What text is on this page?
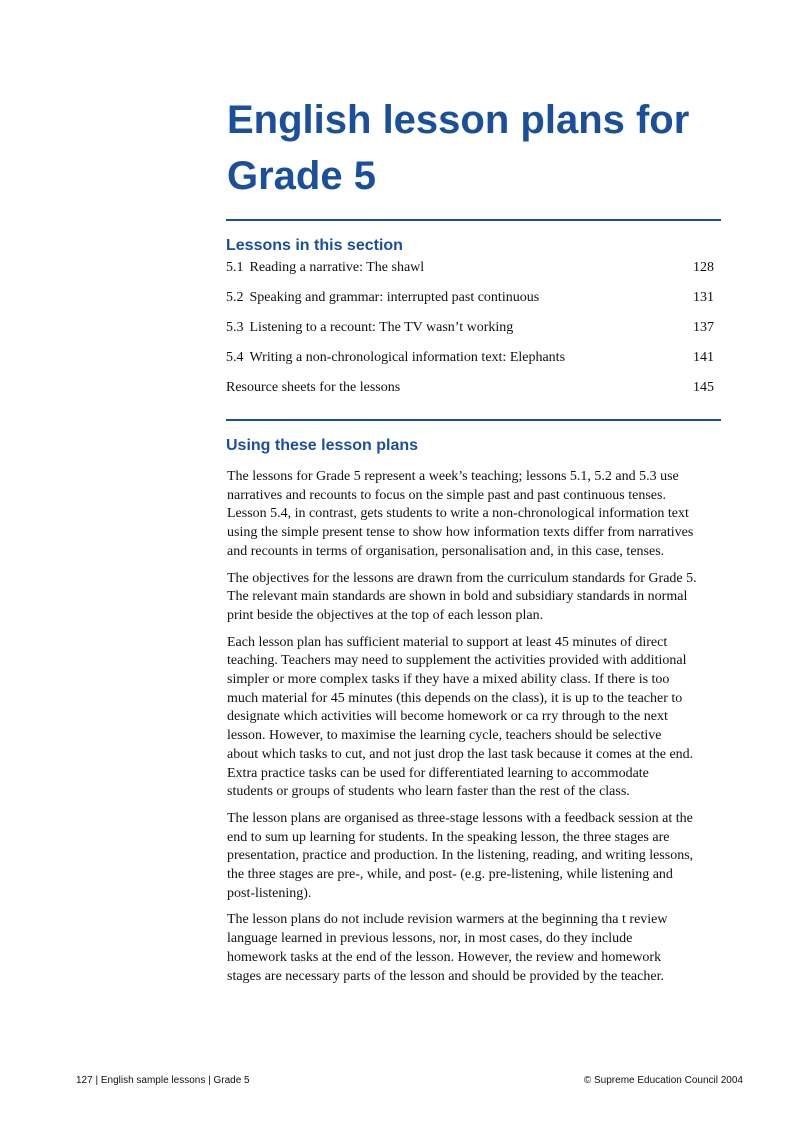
English lesson plans for
Grade 5
Lessons in this section
5.1 Reading a narrative: The shawl	128
5.2 Speaking and grammar: interrupted past continuous	131
5.3 Listening to a recount: The TV wasn’t working	137
5.4 Writing a non-chronological information text: Elephants	141
Resource sheets for the lessons	145
Using these lesson plans

The lessons for Grade 5 represent a week’s teaching; lessons 5.1, 5.2 and 5.3 use
narratives and recounts to focus on the simple past and past continuous tenses.
Lesson 5.4, in contrast, gets students to write a non-chronological information text
using the simple present tense to show how information texts differ from narratives
and recounts in terms of organisation, personalisation and, in this case, tenses.

The objectives for the lessons are drawn from the curriculum standards for Grade 5.
The relevant main standards are shown in bold and subsidiary standards in normal
print beside the objectives at the top of each lesson plan.

Each lesson plan has sufficient material to support at least 45 minutes of direct
teaching. Teachers may need to supplement the activities provided with additional
simpler or more complex tasks if they have a mixed ability class. If there is too
much material for 45 minutes (this depends on the class), it is up to the teacher to
designate which activities will become homework or ca rry through to the next
lesson. However, to maximise the learning cycle, teachers should be selective
about which tasks to cut, and not just drop the last task because it comes at the end.
Extra practice tasks can be used for differentiated learning to accommodate
students or groups of students who learn faster than the rest of the class.

The lesson plans are organised as three-stage lessons with a feedback session at the
end to sum up learning for students. In the speaking lesson, the three stages are
presentation, practice and production. In the listening, reading, and writing lessons,
the three stages are pre-, while, and post- (e.g. pre-listening, while listening and
post-listening).

The lesson plans do not include revision warmers at the beginning tha t review
language learned in previous lessons, nor, in most cases, do they include
homework tasks at the end of the lesson. However, the review and homework
stages are necessary parts of the lesson and should be provided by the teacher.

127 | English sample lessons | Grade 5	© Supreme Education Council 2004
